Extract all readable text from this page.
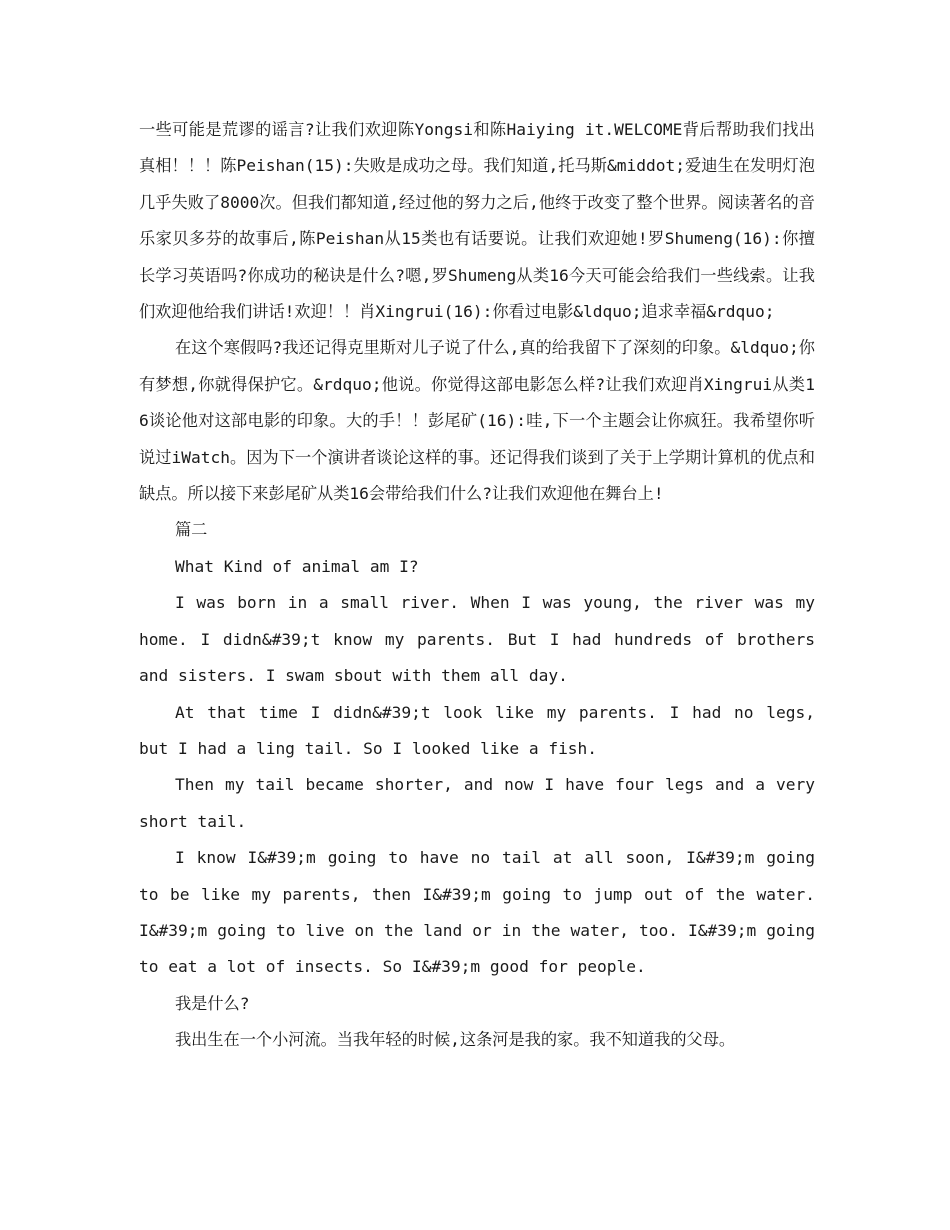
一些可能是荒谬的谣言?让我们欢迎陈Yongsi和陈Haiying it.WELCOME背后帮助我们找出真相！！！陈Peishan(15):失败是成功之母。我们知道,托马斯&middot;爱迪生在发明灯泡几乎失败了8000次。但我们都知道,经过他的努力之后,他终于改变了整个世界。阅读著名的音乐家贝多芬的故事后,陈Peishan从15类也有话要说。让我们欢迎她!罗Shumeng(16):你擅长学习英语吗?你成功的秘诀是什么?嗯,罗Shumeng从类16今天可能会给我们一些线索。让我们欢迎他给我们讲话!欢迎！！肖Xingrui(16):你看过电影&ldquo;追求幸福&rdquo;

在这个寒假吗?我还记得克里斯对儿子说了什么,真的给我留下了深刻的印象。&ldquo;你有梦想,你就得保护它。&rdquo;他说。你觉得这部电影怎么样?让我们欢迎肖Xingrui从类16谈论他对这部电影的印象。大的手！！彭尾矿(16):哇,下一个主题会让你疯狂。我希望你听说过iWatch。因为下一个演讲者谈论这样的事。还记得我们谈到了关于上学期计算机的优点和缺点。所以接下来彭尾矿从类16会带给我们什么?让我们欢迎他在舞台上!

篇二

What Kind of animal am I?

I was born in a small river. When I was young, the river was my home. I didn&#39;t know my parents. But I had hundreds of brothers and sisters. I swam sbout with them all day.

At that time I didn&#39;t look like my parents. I had no legs, but I had a ling tail. So I looked like a fish.

Then my tail became shorter, and now I have four legs and a very short tail.

I know I&#39;m going to have no tail at all soon, I&#39;m going to be like my parents, then I&#39;m going to jump out of the water. I&#39;m going to live on the land or in the water, too. I&#39;m going to eat a lot of insects. So I&#39;m good for people.

我是什么?

我出生在一个小河流。当我年轻的时候,这条河是我的家。我不知道我的父母。
